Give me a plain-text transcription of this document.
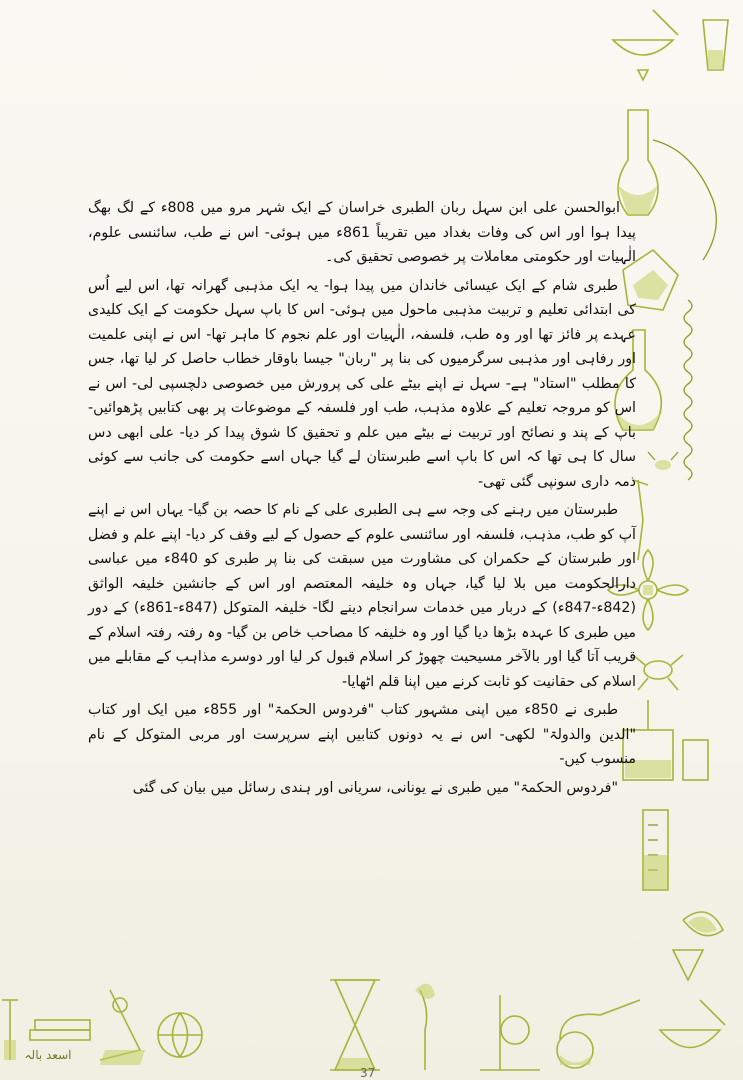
ابوالحسن علی ابن سہل ربان الطبری خراسان کے ایک شہر مرو میں 808ء کے لگ بھگ پیدا ہوا اور اس کی وفات بغداد میں تقریباً 861ء میں ہوئی- اس نے طب، سائنسی علوم، الٰہیات اور حکومتی معاملات پر خصوصی تحقیق کی۔

طبری شام کے ایک عیسائی خاندان میں پیدا ہوا- یہ ایک مذہبی گھرانہ تھا، اس لیے اُس کی ابتدائی تعلیم و تربیت مذہبی ماحول میں ہوئی- اس کا باپ سہل حکومت کے ایک کلیدی عہدے پر فائز تھا اور وہ طب، فلسفہ، الٰہیات اور علم نجوم کا ماہر تھا- اس نے اپنی علمیت اور رفاہی اور مذہبی سرگرمیوں کی بنا پر "ربان" جیسا باوقار خطاب حاصل کر لیا تھا، جس کا مطلب "استاد" ہے- سہل نے اپنے بیٹے علی کی پرورش میں خصوصی دلچسپی لی- اس نے اس کو مروجہ تعلیم کے علاوہ مذہب، طب اور فلسفہ کے موضوعات پر بھی کتابیں پڑھوائیں- باپ کے پند و نصائح اور تربیت نے بیٹے میں علم و تحقیق کا شوق پیدا کر دیا- علی ابھی دس سال کا ہی تھا کہ اس کا باپ اسے طبرستان لے گیا جہاں اسے حکومت کی جانب سے کوئی ذمہ داری سونپی گئی تھی-

طبرستان میں رہنے کی وجہ سے ہی الطبری علی کے نام کا حصہ بن گیا- یہاں اس نے اپنے آپ کو طب، مذہب، فلسفہ اور سائنسی علوم کے حصول کے لیے وقف کر دیا- اپنے علم و فضل اور طبرستان کے حکمران کی مشاورت میں سبقت کی بنا پر طبری کو 840ء میں عباسی دارالحکومت میں بلا لیا گیا، جہاں وہ خلیفہ المعتصم اور اس کے جانشین خلیفہ الواثق (842ء-847ء) کے دربار میں خدمات سرانجام دینے لگا- خلیفہ المتوکل (847ء-861ء) کے دور میں طبری کا عہدہ بڑھا دیا گیا اور وہ خلیفہ کا مصاحب خاص بن گیا- وہ رفتہ رفتہ اسلام کے قریب آتا گیا اور بالآخر مسیحیت چھوڑ کر اسلام قبول کر لیا اور دوسرے مذاہب کے مقابلے میں اسلام کی حقانیت کو ثابت کرنے میں اپنا قلم اٹھایا-

طبری نے 850ء میں اپنی مشہور کتاب "فردوس الحکمۃ" اور 855ء میں ایک اور کتاب "الدین والدولۃ" لکھی- اس نے یہ دونوں کتابیں اپنے سرپرست اور مربی المتوکل کے نام منسوب کیں-

"فردوس الحکمۃ" میں طبری نے یونانی، سریانی اور ہندی رسائل میں بیان کی گئی

اسعد بالہ
37
